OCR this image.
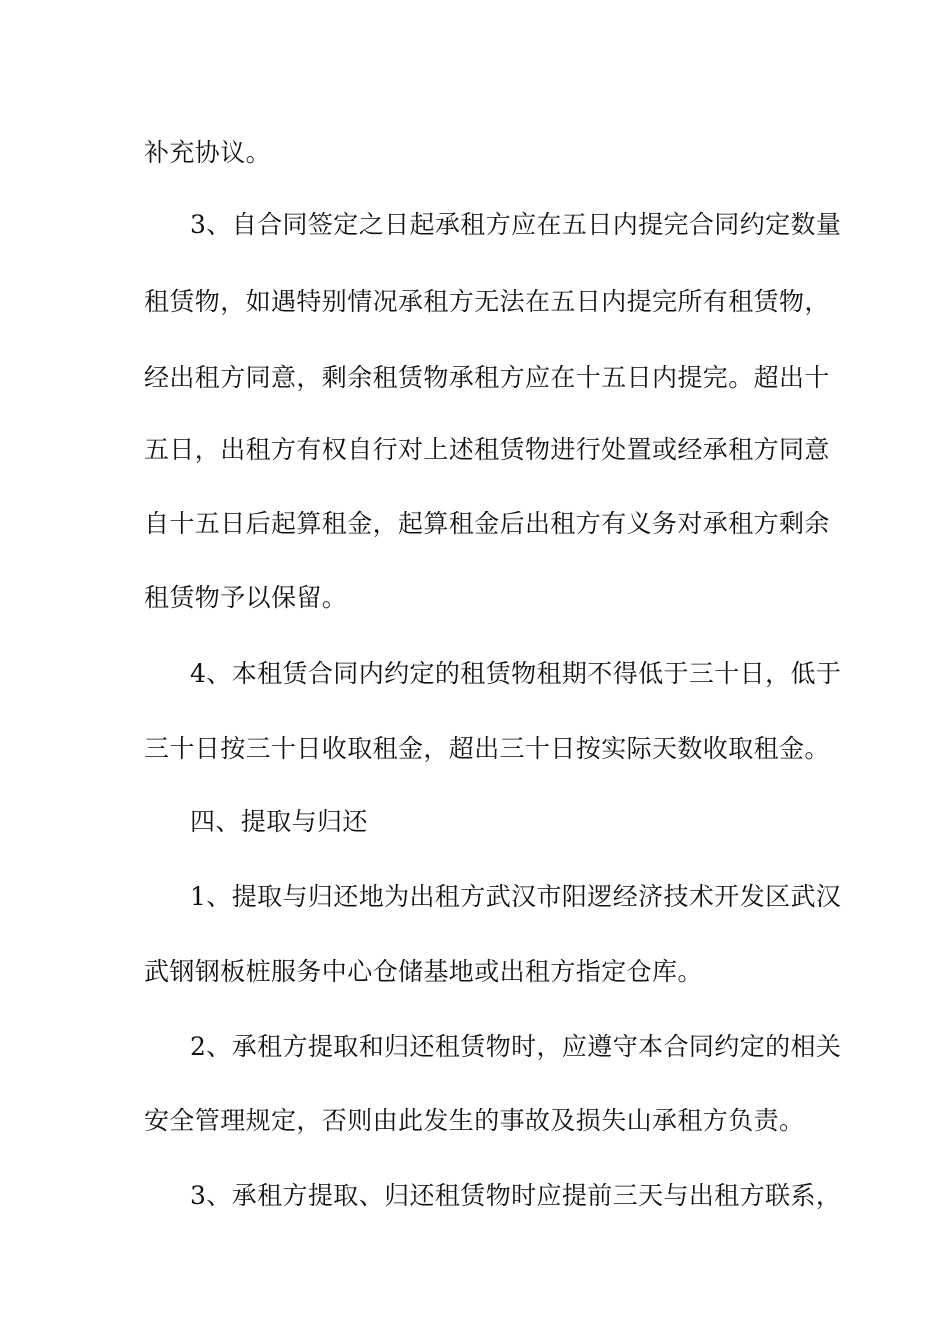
补充协议。
3、自合同签定之日起承租方应在五日内提完合同约定数量
租赁物，如遇特别情况承租方无法在五日内提完所有租赁物，
经出租方同意，剩余租赁物承租方应在十五日内提完。超出十
五日，出租方有权自行对上述租赁物进行处置或经承租方同意
自十五日后起算租金，起算租金后出租方有义务对承租方剩余
租赁物予以保留。
4、本租赁合同内约定的租赁物租期不得低于三十日，低于
三十日按三十日收取租金，超出三十日按实际天数收取租金。
四、提取与归还
1、提取与归还地为出租方武汉市阳逻经济技术开发区武汉
武钢钢板桩服务中心仓储基地或出租方指定仓库。
2、承租方提取和归还租赁物时，应遵守本合同约定的相关
安全管理规定，否则由此发生的事故及损失山承租方负责。
3、承租方提取、归还租赁物时应提前三天与出租方联系，
